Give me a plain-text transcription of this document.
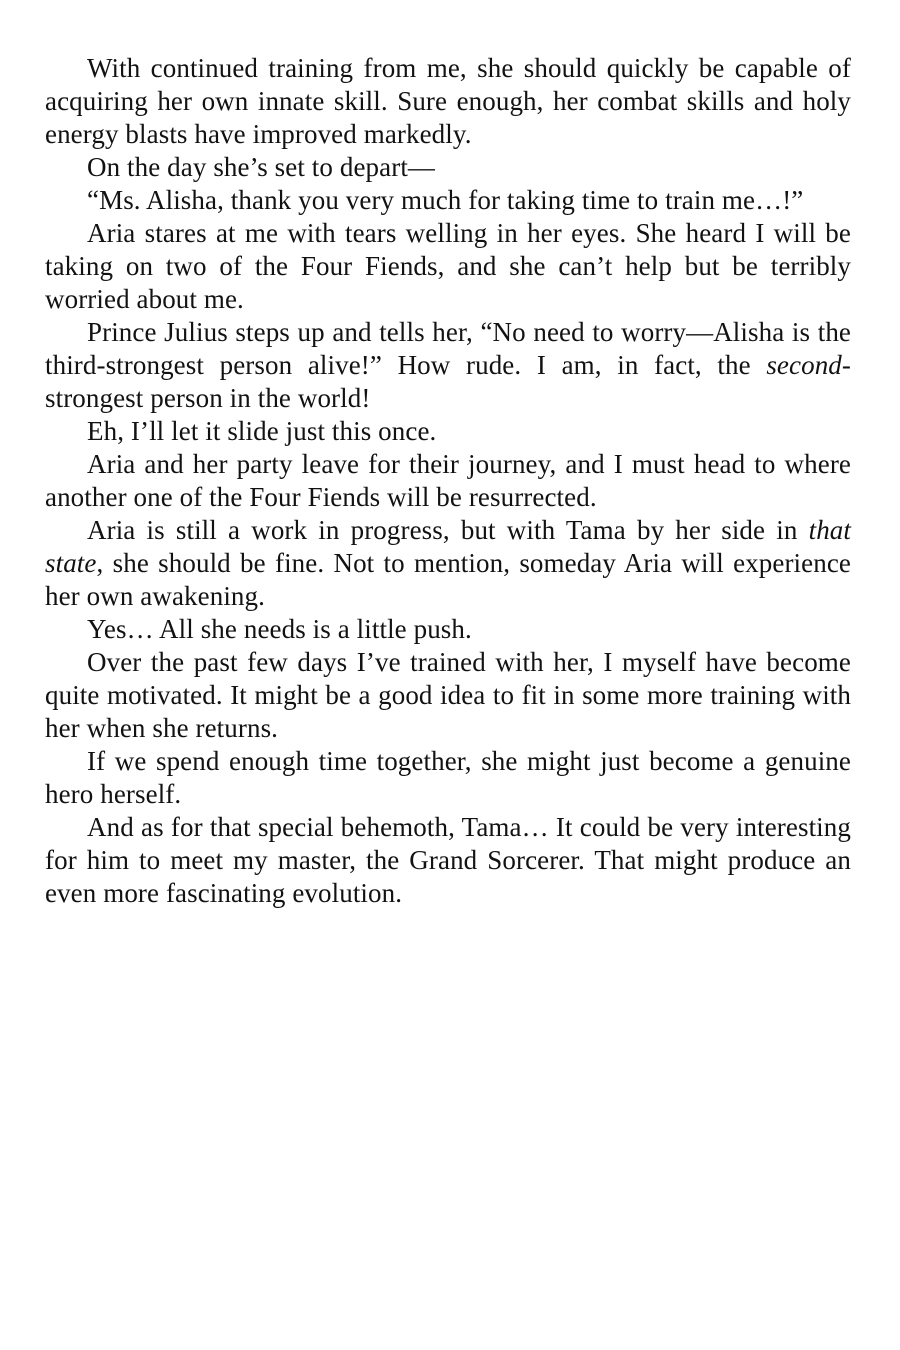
With continued training from me, she should quickly be capable of acquiring her own innate skill. Sure enough, her combat skills and holy energy blasts have improved markedly.

On the day she’s set to depart—

“Ms. Alisha, thank you very much for taking time to train me…!”

Aria stares at me with tears welling in her eyes. She heard I will be taking on two of the Four Fiends, and she can’t help but be terribly worried about me.

Prince Julius steps up and tells her, “No need to worry—Alisha is the third-strongest person alive!” How rude. I am, in fact, the second-strongest person in the world!

Eh, I’ll let it slide just this once.

Aria and her party leave for their journey, and I must head to where another one of the Four Fiends will be resurrected.

Aria is still a work in progress, but with Tama by her side in that state, she should be fine. Not to mention, someday Aria will experience her own awakening.

Yes… All she needs is a little push.

Over the past few days I’ve trained with her, I myself have become quite motivated. It might be a good idea to fit in some more training with her when she returns.

If we spend enough time together, she might just become a genuine hero herself.

And as for that special behemoth, Tama… It could be very interesting for him to meet my master, the Grand Sorcerer. That might produce an even more fascinating evolution.
